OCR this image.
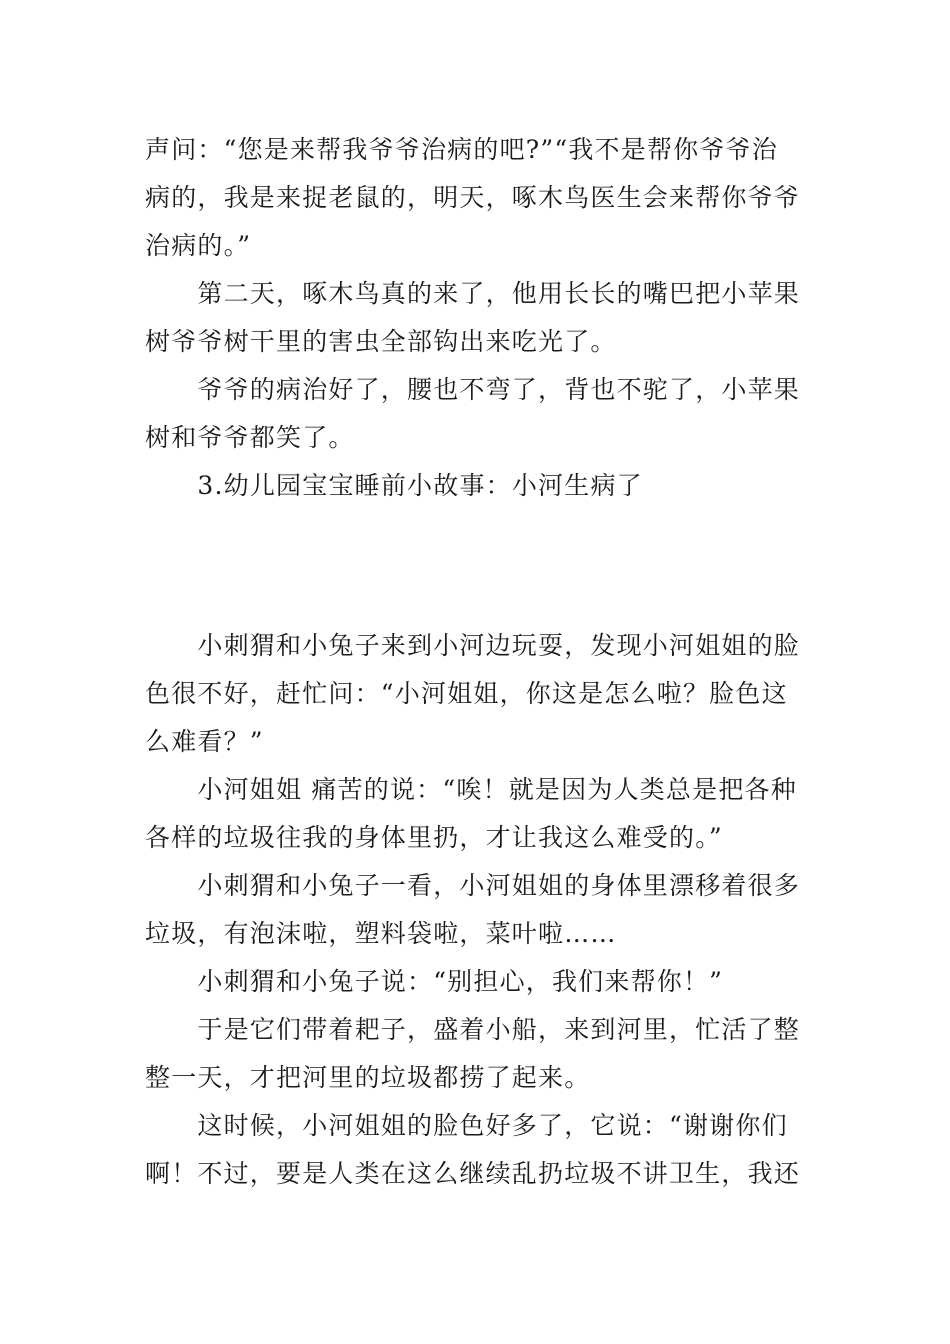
声问：“您是来帮我爷爷治病的吧?”“我不是帮你爷爷治
病的，我是来捉老鼠的，明天，啄木鸟医生会来帮你爷爷
治病的。”
　　第二天，啄木鸟真的来了，他用长长的嘴巴把小苹果
树爷爷树干里的害虫全部钩出来吃光了。
　　爷爷的病治好了，腰也不弯了，背也不驼了，小苹果
树和爷爷都笑了。
　　3.幼儿园宝宝睡前小故事：小河生病了
　　小刺猬和小兔子来到小河边玩耍，发现小河姐姐的脸
色很不好，赶忙问：“小河姐姐，你这是怎么啦？脸色这
么难看？”
　　小河姐姐 痛苦的说：“唉！就是因为人类总是把各种
各样的垃圾往我的身体里扔，才让我这么难受的。”
　　小刺猬和小兔子一看，小河姐姐的身体里漂移着很多
垃圾，有泡沫啦，塑料袋啦，菜叶啦……
　　小刺猬和小兔子说：“别担心，我们来帮你！”
　　于是它们带着耙子，盛着小船，来到河里，忙活了整
整一天，才把河里的垃圾都捞了起来。
　　这时候，小河姐姐的脸色好多了，它说：“谢谢你们
啊！不过，要是人类在这么继续乱扔垃圾不讲卫生，我还
